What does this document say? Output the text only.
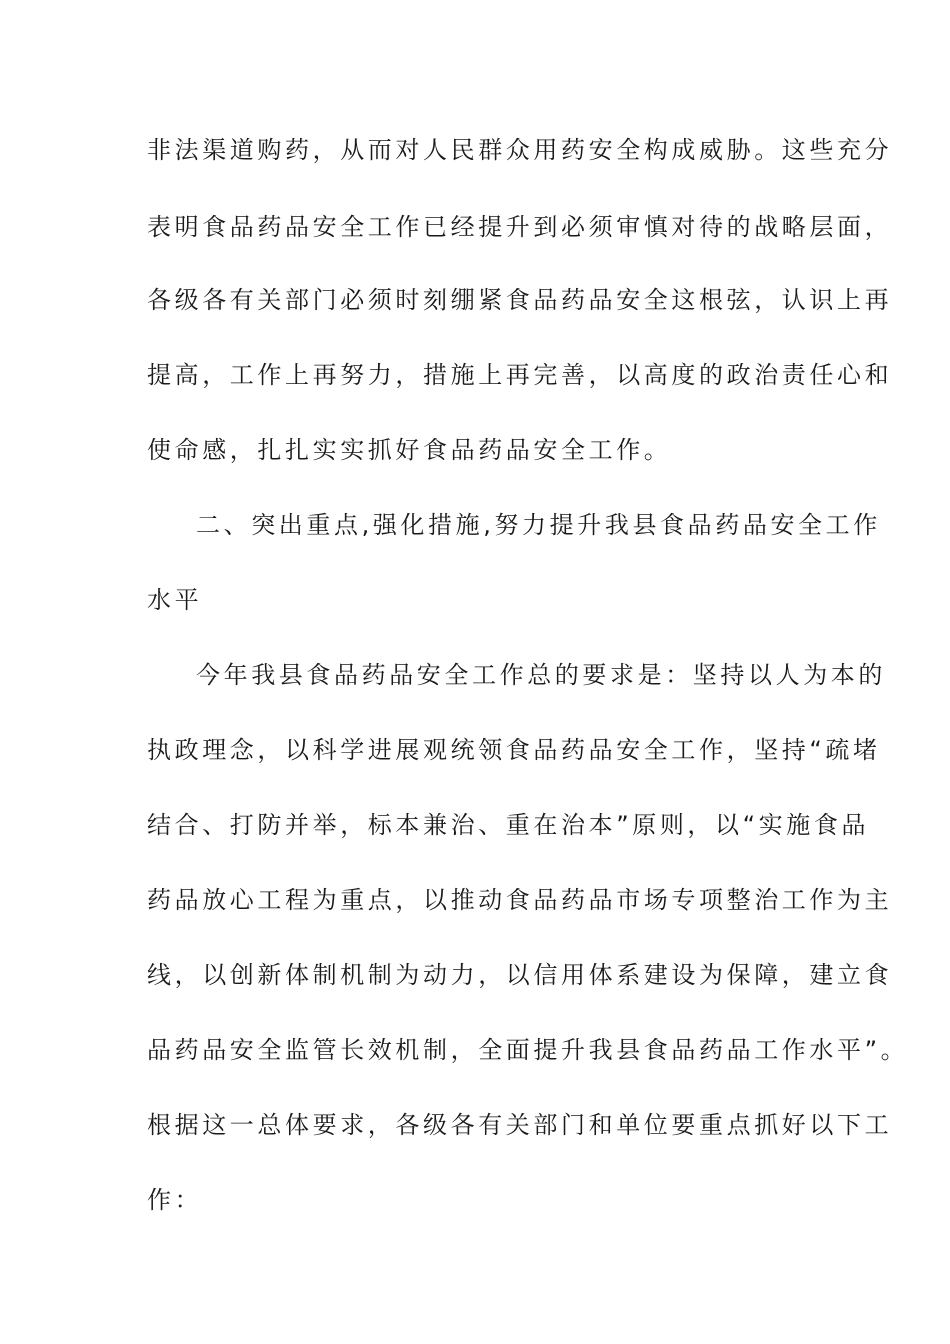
非法渠道购药，从而对人民群众用药安全构成威胁。这些充分

表明食品药品安全工作已经提升到必须审慎对待的战略层面，

各级各有关部门必须时刻绷紧食品药品安全这根弦，认识上再

提高，工作上再努力，措施上再完善，以高度的政治责任心和

使命感，扎扎实实抓好食品药品安全工作。

二、突出重点,强化措施,努力提升我县食品药品安全工作

水平

今年我县食品药品安全工作总的要求是：坚持以人为本的

执政理念，以科学进展观统领食品药品安全工作，坚持“疏堵

结合、打防并举，标本兼治、重在治本”原则，以“实施食品

药品放心工程为重点，以推动食品药品市场专项整治工作为主

线，以创新体制机制为动力，以信用体系建设为保障，建立食

品药品安全监管长效机制，全面提升我县食品药品工作水平”。

根据这一总体要求，各级各有关部门和单位要重点抓好以下工

作：
